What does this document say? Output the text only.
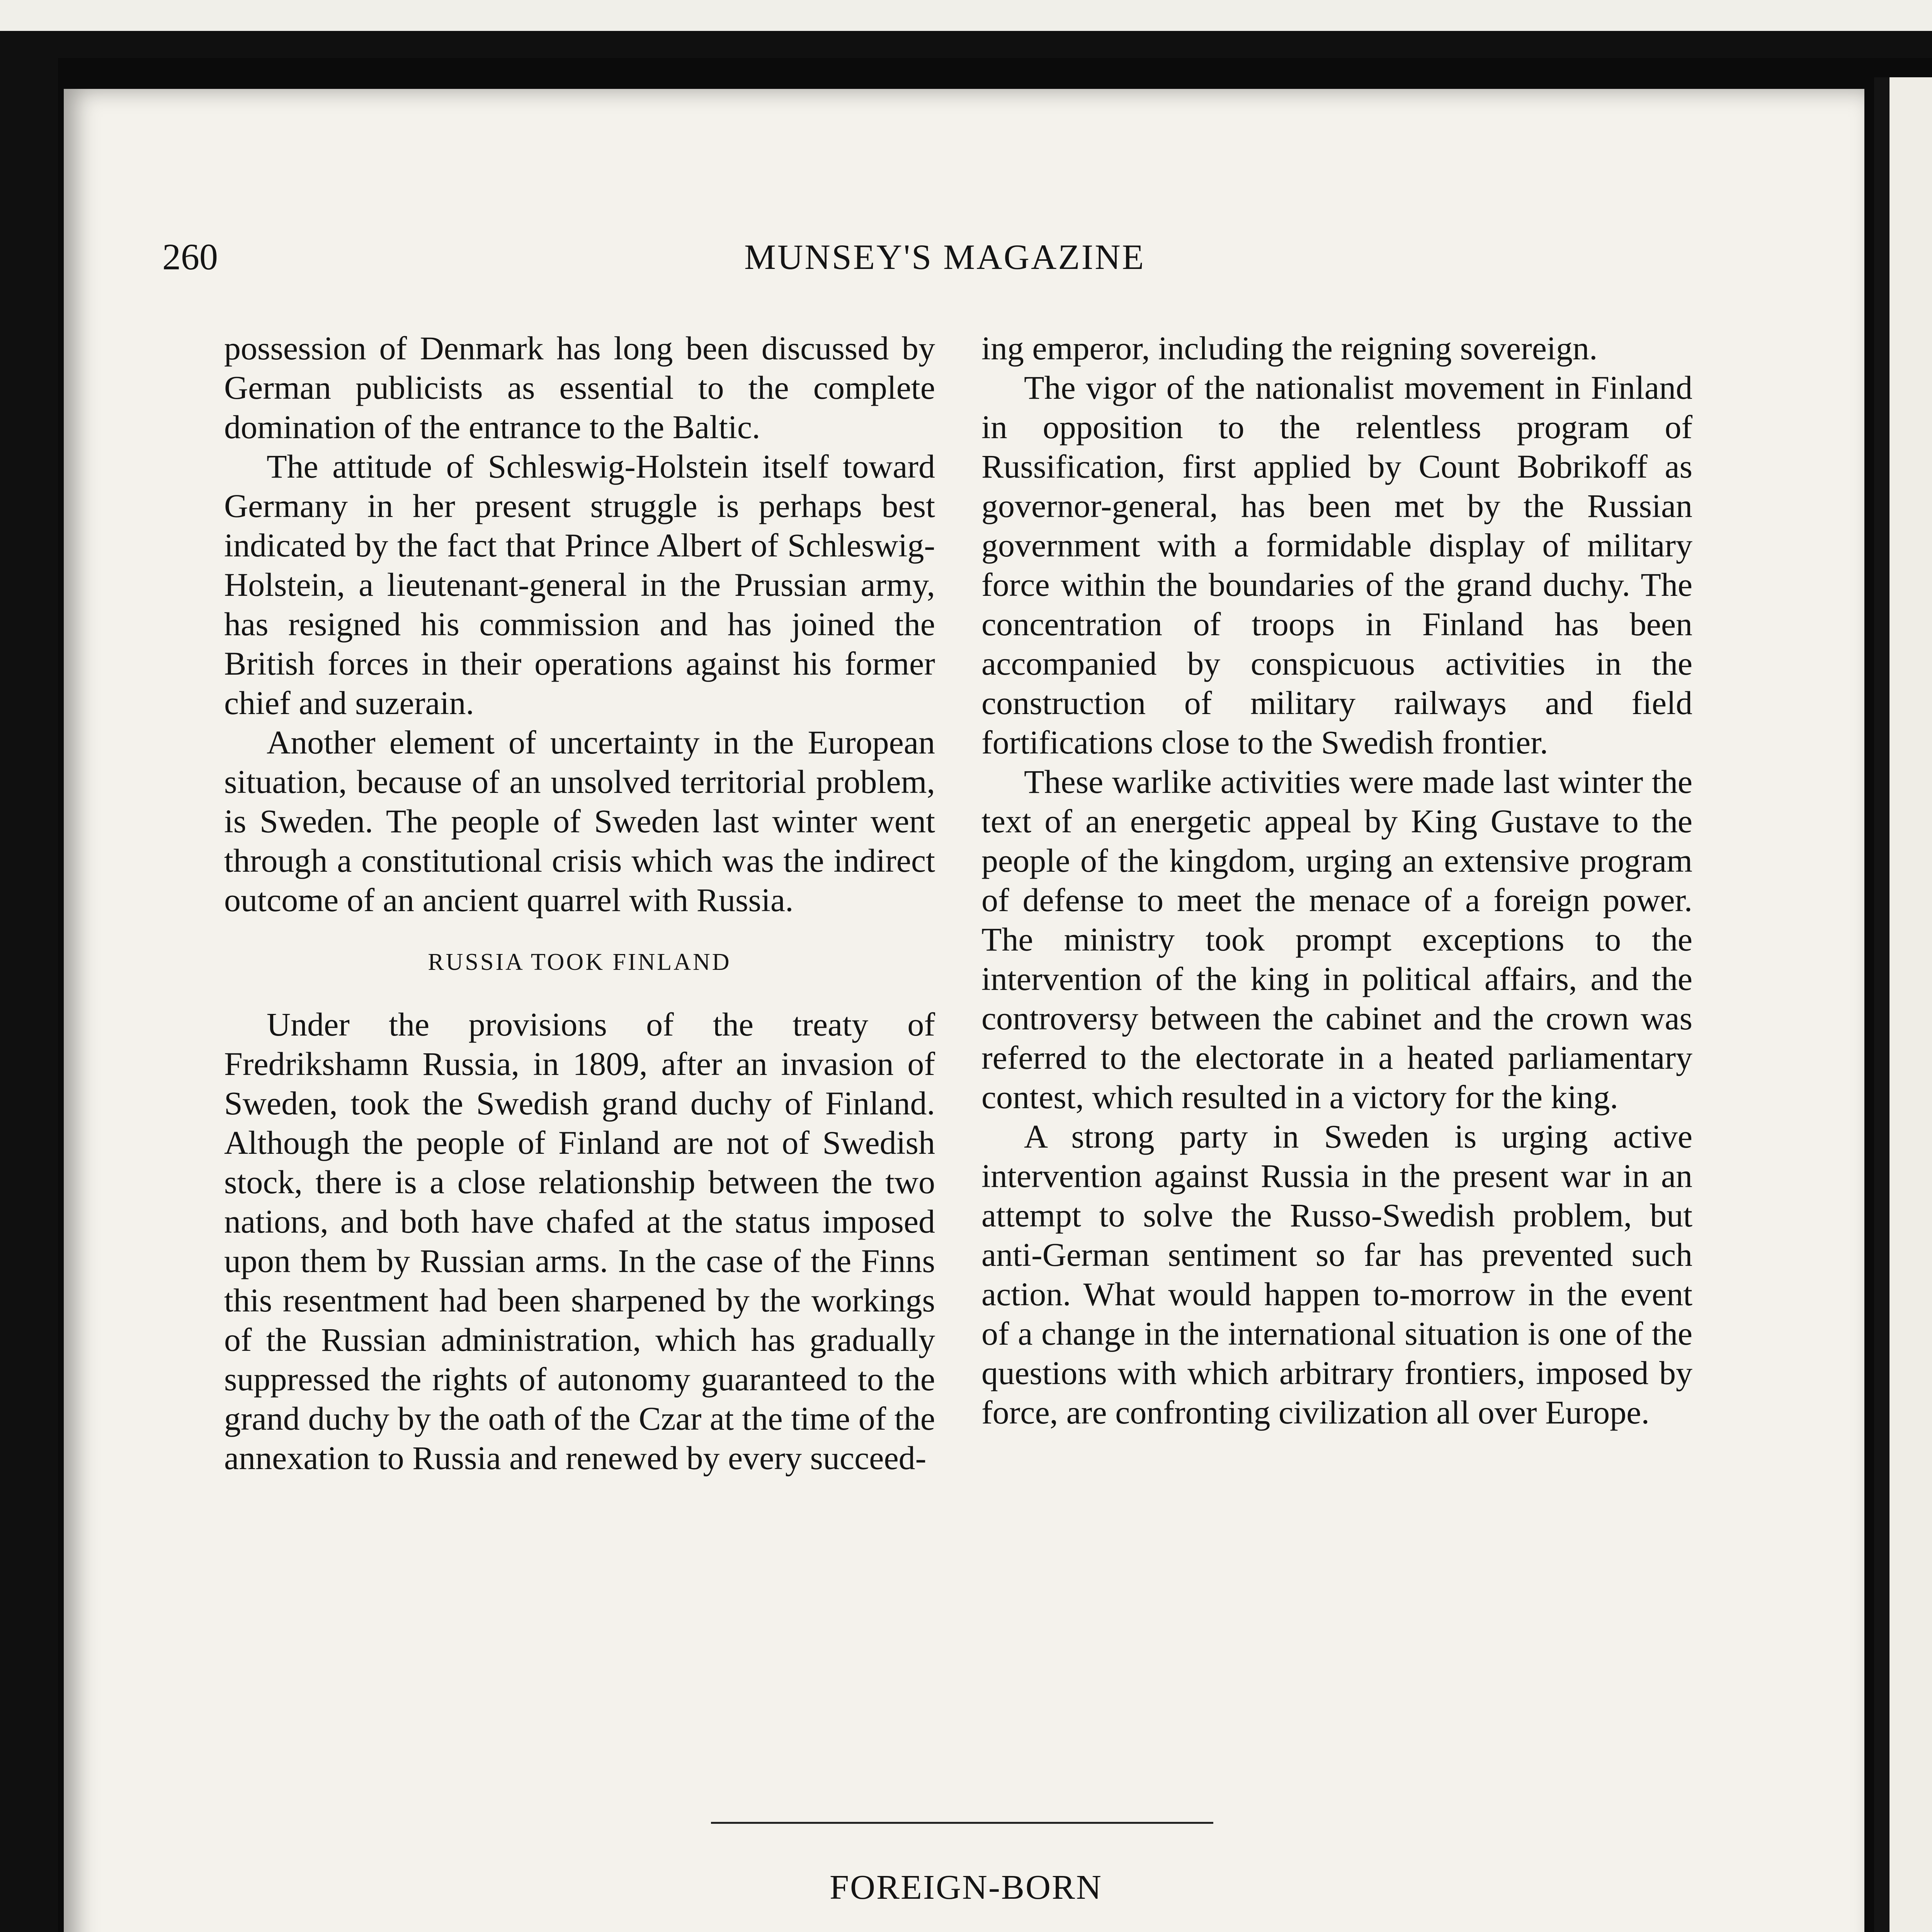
260	MUNSEY'S MAGAZINE

possession of Denmark has long been discussed by German publicists as essential to the complete domination of the entrance to the Baltic.

The attitude of Schleswig-Holstein itself toward Germany in her present struggle is perhaps best indicated by the fact that Prince Albert of Schleswig-Holstein, a lieutenant-general in the Prussian army, has resigned his commission and has joined the British forces in their operations against his former chief and suzerain.

Another element of uncertainty in the European situation, because of an unsolved territorial problem, is Sweden. The people of Sweden last winter went through a constitutional crisis which was the indirect outcome of an ancient quarrel with Russia.

RUSSIA TOOK FINLAND

Under the provisions of the treaty of Fredrikshamn Russia, in 1809, after an invasion of Sweden, took the Swedish grand duchy of Finland. Although the people of Finland are not of Swedish stock, there is a close relationship between the two nations, and both have chafed at the status imposed upon them by Russian arms. In the case of the Finns this resentment had been sharpened by the workings of the Russian administration, which has gradually suppressed the rights of autonomy guaranteed to the grand duchy by the oath of the Czar at the time of the annexation to Russia and renewed by every succeed-

ing emperor, including the reigning sovereign.

The vigor of the nationalist movement in Finland in opposition to the relentless program of Russification, first applied by Count Bobrikoff as governor-general, has been met by the Russian government with a formidable display of military force within the boundaries of the grand duchy. The concentration of troops in Finland has been accompanied by conspicuous activities in the construction of military railways and field fortifications close to the Swedish frontier.

These warlike activities were made last winter the text of an energetic appeal by King Gustave to the people of the kingdom, urging an extensive program of defense to meet the menace of a foreign power. The ministry took prompt exceptions to the intervention of the king in political affairs, and the controversy between the cabinet and the crown was referred to the electorate in a heated parliamentary contest, which resulted in a victory for the king.

A strong party in Sweden is urging active intervention against Russia in the present war in an attempt to solve the Russo-Swedish problem, but anti-German sentiment so far has prevented such action. What would happen to-morrow in the event of a change in the international situation is one of the questions with which arbitrary frontiers, imposed by force, are confronting civilization all over Europe.

FOREIGN-BORN
